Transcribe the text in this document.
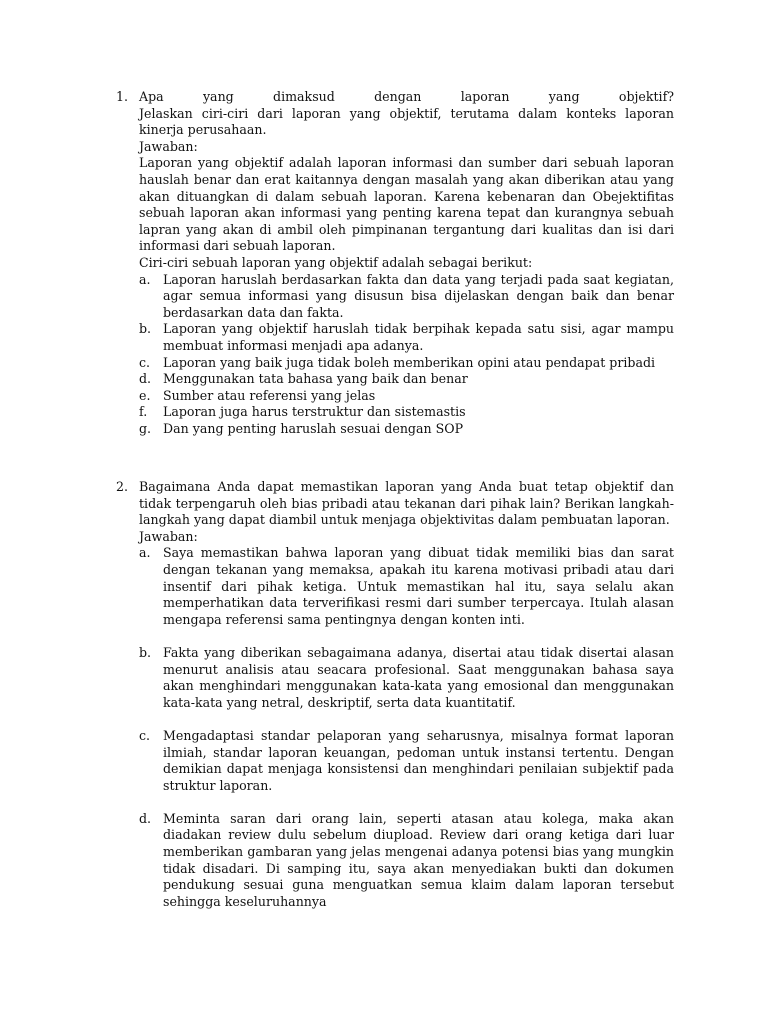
1. Apa yang dimaksud dengan laporan yang objektif?

Jelaskan ciri-ciri dari laporan yang objektif, terutama dalam konteks laporan kinerja perusahaan.

Jawaban:

Laporan yang objektif adalah laporan informasi dan sumber dari sebuah laporan hauslah benar dan erat kaitannya dengan masalah yang akan diberikan atau yang akan dituangkan di dalam sebuah laporan. Karena kebenaran dan Obejektifitas sebuah laporan akan informasi yang penting karena tepat dan kurangnya sebuah lapran yang akan di ambil oleh pimpinanan tergantung dari kualitas dan isi dari informasi dari sebuah laporan.

Ciri-ciri sebuah laporan yang objektif adalah sebagai berikut:

a. Laporan haruslah berdasarkan fakta dan data yang terjadi pada saat kegiatan, agar semua informasi yang disusun bisa dijelaskan dengan baik dan benar berdasarkan data dan fakta.
b. Laporan yang objektif haruslah tidak berpihak kepada satu sisi, agar mampu membuat informasi menjadi apa adanya.
c. Laporan yang baik juga tidak boleh memberikan opini atau pendapat pribadi
d. Menggunakan tata bahasa yang baik dan benar
e. Sumber atau referensi yang jelas
f. Laporan juga harus terstruktur dan sistemastis
g. Dan yang penting haruslah sesuai dengan SOP
2. Bagaimana Anda dapat memastikan laporan yang Anda buat tetap objektif dan tidak terpengaruh oleh bias pribadi atau tekanan dari pihak lain? Berikan langkah-langkah yang dapat diambil untuk menjaga objektivitas dalam pembuatan laporan.

Jawaban:

a. Saya memastikan bahwa laporan yang dibuat tidak memiliki bias dan sarat dengan tekanan yang memaksa, apakah itu karena motivasi pribadi atau dari insentif dari pihak ketiga. Untuk memastikan hal itu, saya selalu akan memperhatikan data terverifikasi resmi dari sumber terpercaya. Itulah alasan mengapa referensi sama pentingnya dengan konten inti.
b. Fakta yang diberikan sebagaimana adanya, disertai atau tidak disertai alasan menurut analisis atau seacara profesional. Saat menggunakan bahasa saya akan menghindari menggunakan kata-kata yang emosional dan menggunakan kata-kata yang netral, deskriptif, serta data kuantitatif.
c. Mengadaptasi standar pelaporan yang seharusnya, misalnya format laporan ilmiah, standar laporan keuangan, pedoman untuk instansi tertentu. Dengan demikian dapat menjaga konsistensi dan menghindari penilaian subjektif pada struktur laporan.
d. Meminta saran dari orang lain, seperti atasan atau kolega, maka akan diadakan review dulu sebelum diupload. Review dari orang ketiga dari luar memberikan gambaran yang jelas mengenai adanya potensi bias yang mungkin tidak disadari. Di samping itu, saya akan menyediakan bukti dan dokumen pendukung sesuai guna menguatkan semua klaim dalam laporan tersebut sehingga keseluruhannya
